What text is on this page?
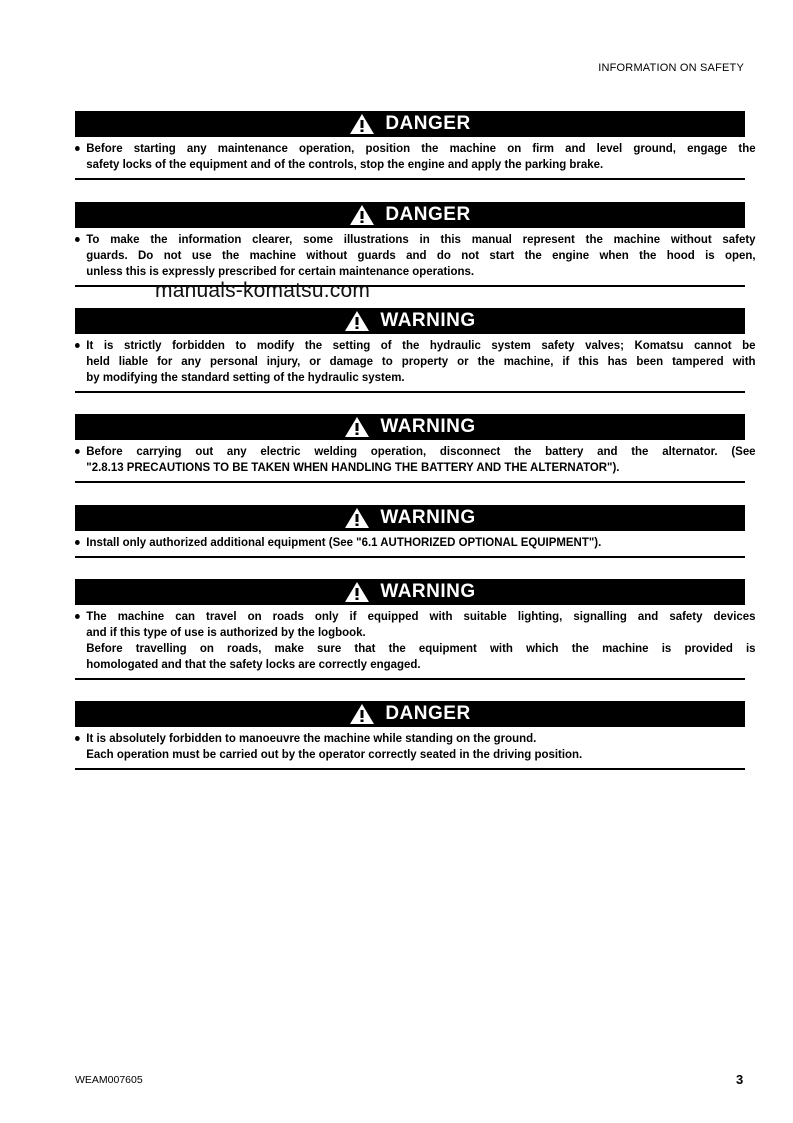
INFORMATION ON SAFETY
DANGER
Before starting any maintenance operation, position the machine on firm and level ground, engage the
safety locks of the equipment and of the controls, stop the engine and apply the parking brake.
DANGER
To make the information clearer, some illustrations in this manual represent the machine without safety
guards. Do not use the machine without guards and do not start the engine when the hood is open,
unless this is expressly prescribed for certain maintenance operations.
manuals-komatsu.com
WARNING
It is strictly forbidden to modify the setting of the hydraulic system safety valves; Komatsu cannot be
held liable for any personal injury, or damage to property or the machine, if this has been tampered with
by modifying the standard setting of the hydraulic system.
WARNING
Before carrying out any electric welding operation, disconnect the battery and the alternator. (See
"2.8.13 PRECAUTIONS TO BE TAKEN WHEN HANDLING THE BATTERY AND THE ALTERNATOR").
WARNING
Install only authorized additional equipment (See "6.1 AUTHORIZED OPTIONAL EQUIPMENT").
WARNING
The machine can travel on roads only if equipped with suitable lighting, signalling and safety devices
and if this type of use is authorized by the logbook.
Before travelling on roads, make sure that the equipment with which the machine is provided is
homologated and that the safety locks are correctly engaged.
DANGER
It is absolutely forbidden to manoeuvre the machine while standing on the ground.
Each operation must be carried out by the operator correctly seated in the driving position.
WEAM007605	3
